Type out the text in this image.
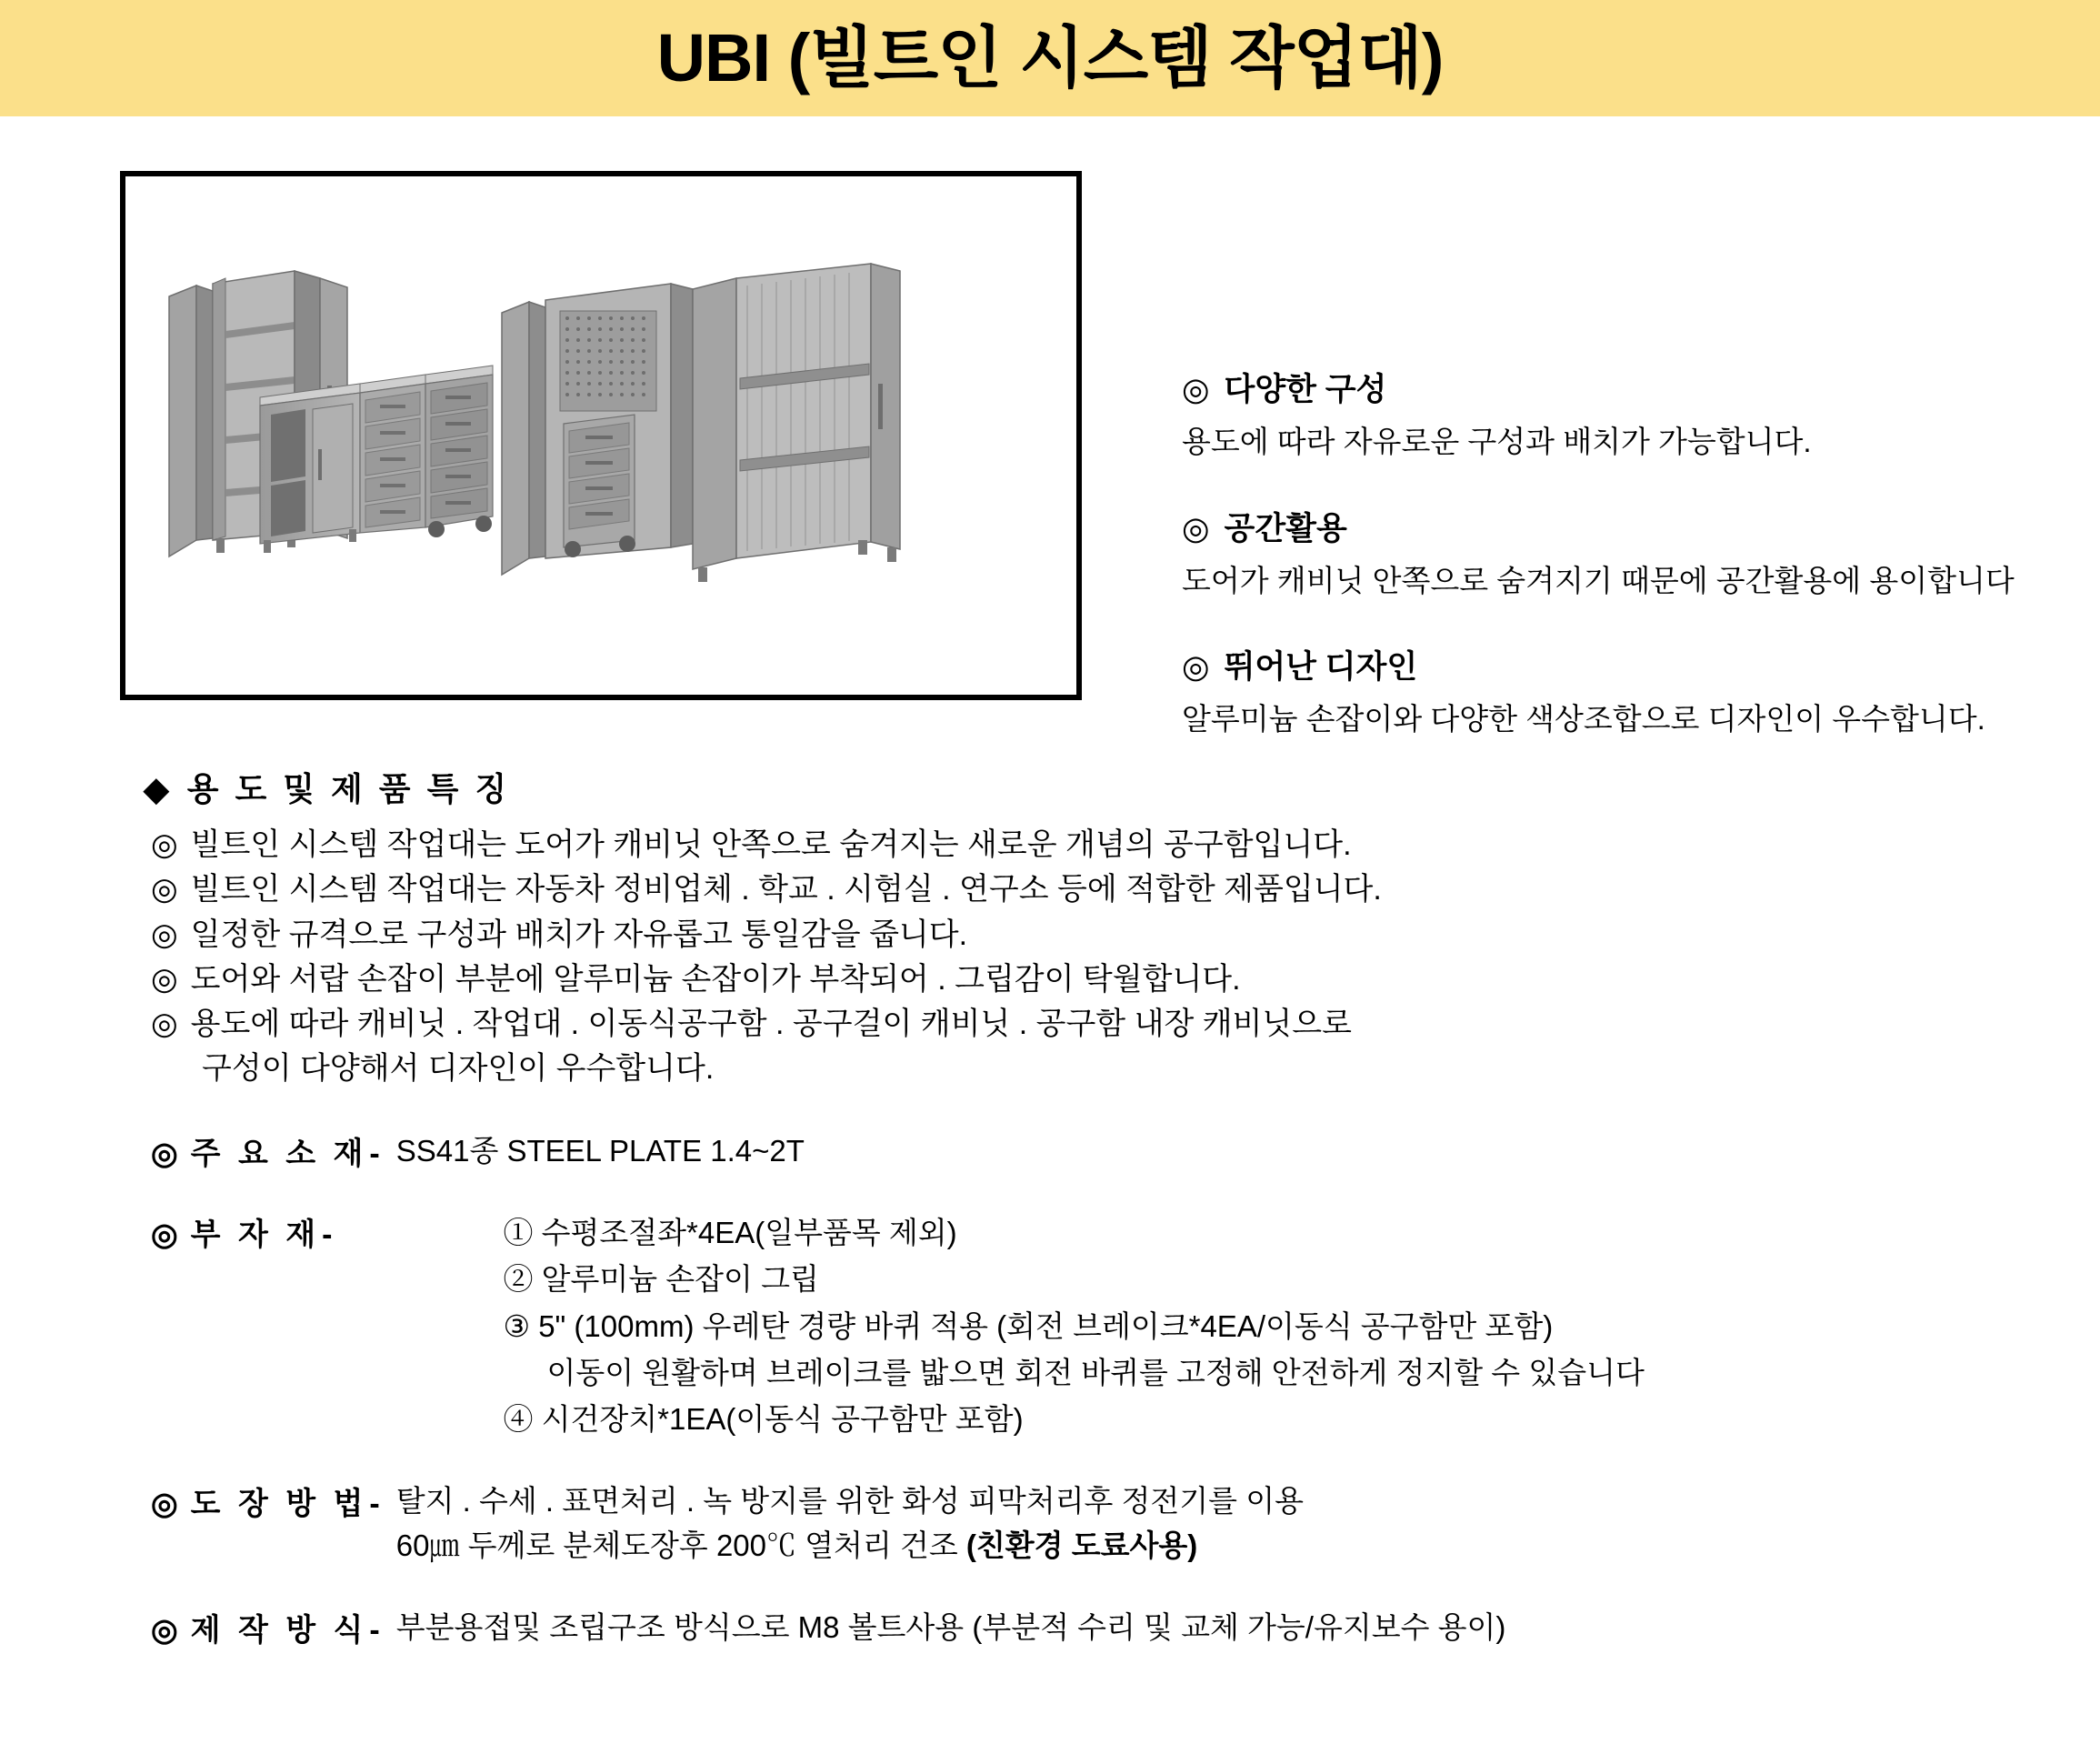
UBI (빌트인 시스템 작업대)
◎ 다양한 구성
용도에 따라 자유로운 구성과 배치가 가능합니다.
◎ 공간활용
도어가 캐비닛 안쪽으로 숨겨지기 때문에 공간활용에 용이합니다
◎ 뛰어난 디자인
알루미늄 손잡이와 다양한 색상조합으로 디자인이 우수합니다.
◆ 용 도 및 제 품 특 징
◎ 빌트인 시스템 작업대는 도어가 캐비닛 안쪽으로 숨겨지는 새로운 개념의 공구함입니다.
◎ 빌트인 시스템 작업대는 자동차 정비업체 . 학교 . 시험실 . 연구소 등에 적합한 제품입니다.
◎ 일정한 규격으로 구성과 배치가 자유롭고 통일감을 줍니다.
◎ 도어와 서랍 손잡이 부분에 알루미늄 손잡이가 부착되어 . 그립감이 탁월합니다.
◎ 용도에 따라 캐비닛 . 작업대 . 이동식공구함 . 공구걸이 캐비닛 . 공구함 내장 캐비닛으로
구성이 다양해서 디자인이 우수합니다.
◎ 주 요 소 재- SS41종 STEEL PLATE 1.4~2T
◎ 부 자 재-	① 수평조절좌*4EA(일부품목 제외)
② 알루미늄 손잡이 그립
③ 5" (100mm) 우레탄 경량 바퀴 적용 (회전 브레이크*4EA/이동식 공구함만 포함)
이동이 원활하며 브레이크를 밟으면 회전 바퀴를 고정해 안전하게 정지할 수 있습니다
④ 시건장치*1EA(이동식 공구함만 포함)
◎ 도 장 방 법- 탈지 . 수세 . 표면처리 . 녹 방지를 위한 화성 피막처리후 정전기를 이용
60㎛ 두께로 분체도장후 200℃ 열처리 건조 (친환경 도료사용)
◎ 제 작 방 식- 부분용접및 조립구조 방식으로 M8 볼트사용 (부분적 수리 및 교체 가능/유지보수 용이)
